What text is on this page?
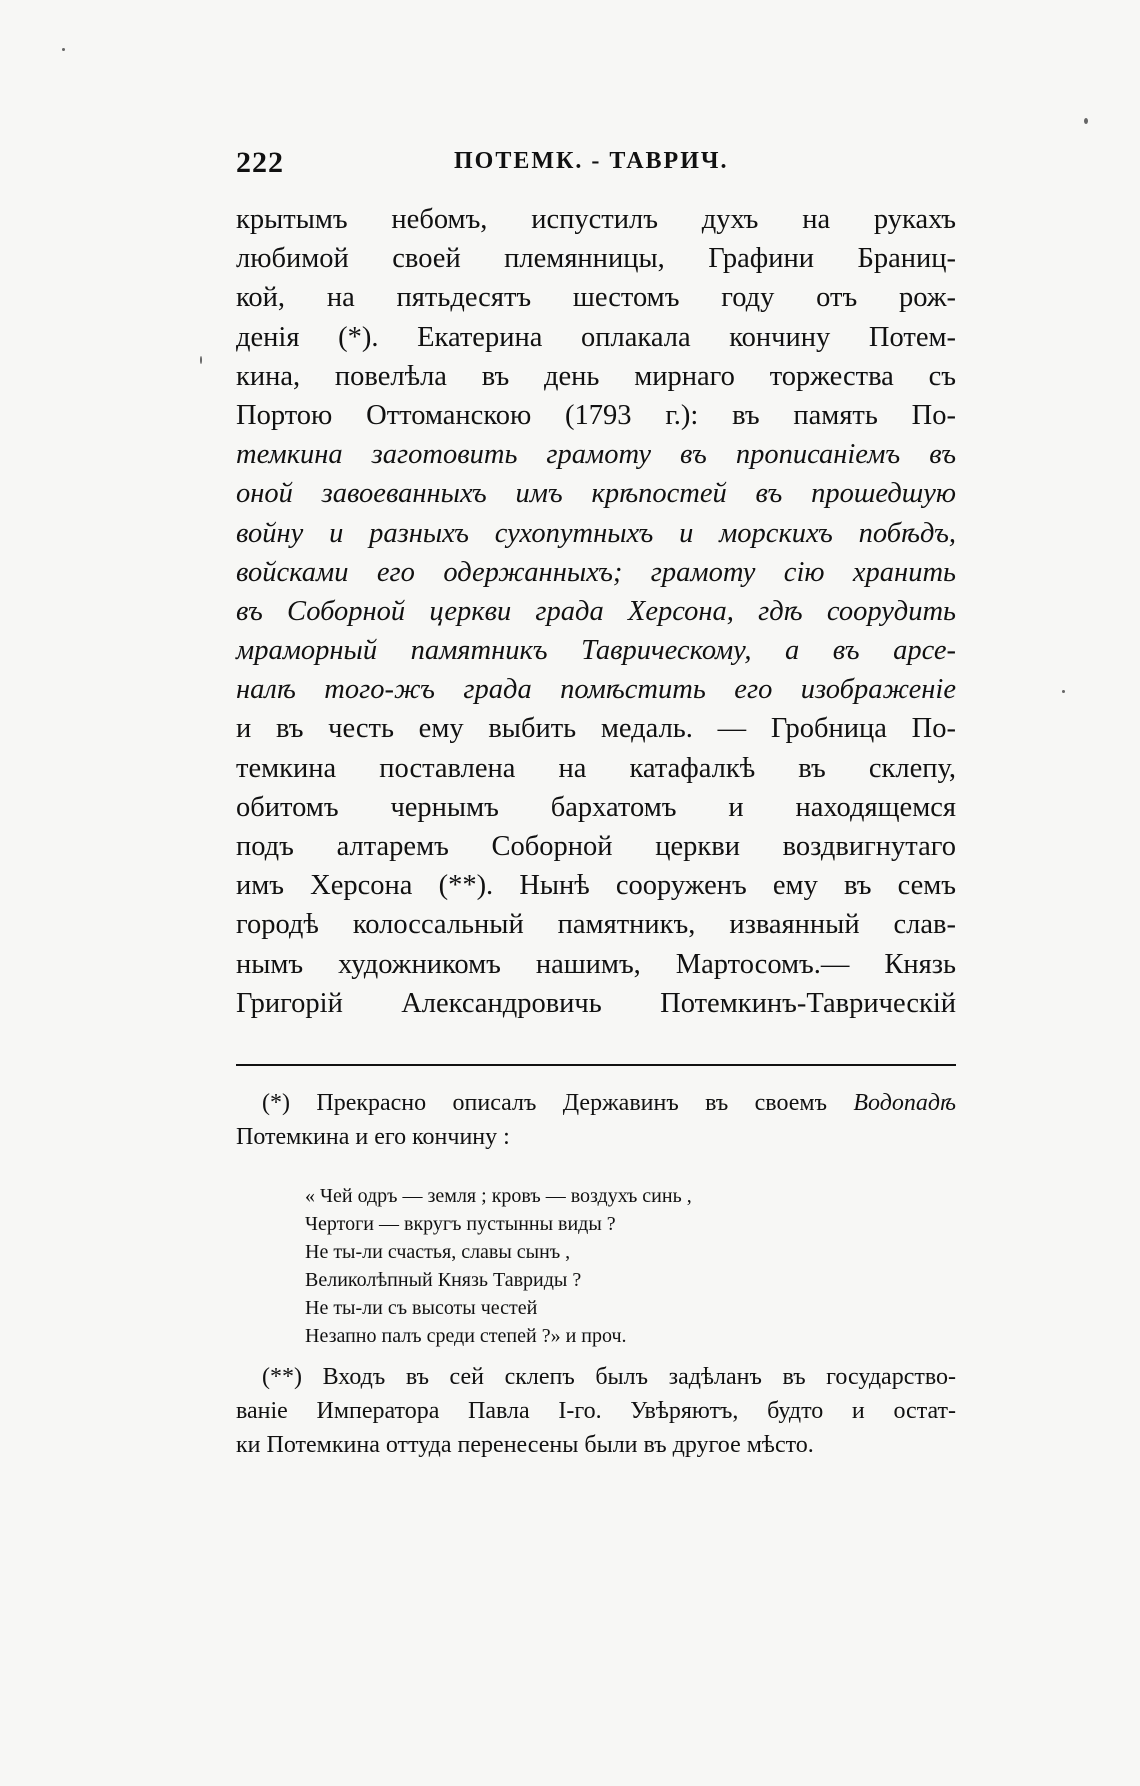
222	ПОТЕМК. - ТАВРИЧ.
крытымъ небомъ, испустилъ духъ на рукахъ
любимой своей племянницы, Графини Браниц-
кой, на пятьдесятъ шестомъ году отъ рож-
денія (*). Екатерина оплакала кончину Потем-
кина, повелѣла въ день мирнаго торжества съ
Портою Оттоманскою (1793 г.): въ память По-
темкина заготовить грамоту въ прописаніемъ въ
оной завоеванныхъ имъ крѣпостей въ прошедшую
войну и разныхъ сухопутныхъ и морскихъ побѣдъ,
войсками его одержанныхъ; грамоту сію хранить
въ Соборной церкви града Херсона, гдѣ соорудить
мраморный памятникъ Таврическому, а въ арсе-
налѣ того-жъ града помѣстить его изображеніе
и въ честь ему выбить медаль. — Гробница По-
темкина поставлена на катафалкѣ въ склепу,
обитомъ чернымъ бархатомъ и находящемся
подъ алтаремъ Соборной церкви воздвигнутаго
имъ Херсона (**). Нынѣ сооруженъ ему въ семъ
городѣ колоссальный памятникъ, изваянный слав-
нымъ художникомъ нашимъ, Мартосомъ.— Князь
Григорій Александровичь Потемкинъ-Таврическій
(*) Прекрасно описалъ Державинъ въ своемъ Водопадѣ
Потемкина и его кончину :
« Чей одръ — земля ; кровъ — воздухъ синь ,
Чертоги — вкругъ пустынны виды ?
Не ты-ли счастья, славы сынъ ,
Великолѣпный Князь Тавриды ?
Не ты-ли съ высоты честей
Незапно палъ среди степей ?» и проч.
(**) Входъ въ сей склепъ былъ задѣланъ въ государство-
ваніе Императора Павла I-го. Увѣряютъ, будто и остат-
ки Потемкина оттуда перенесены были въ другое мѣсто.
